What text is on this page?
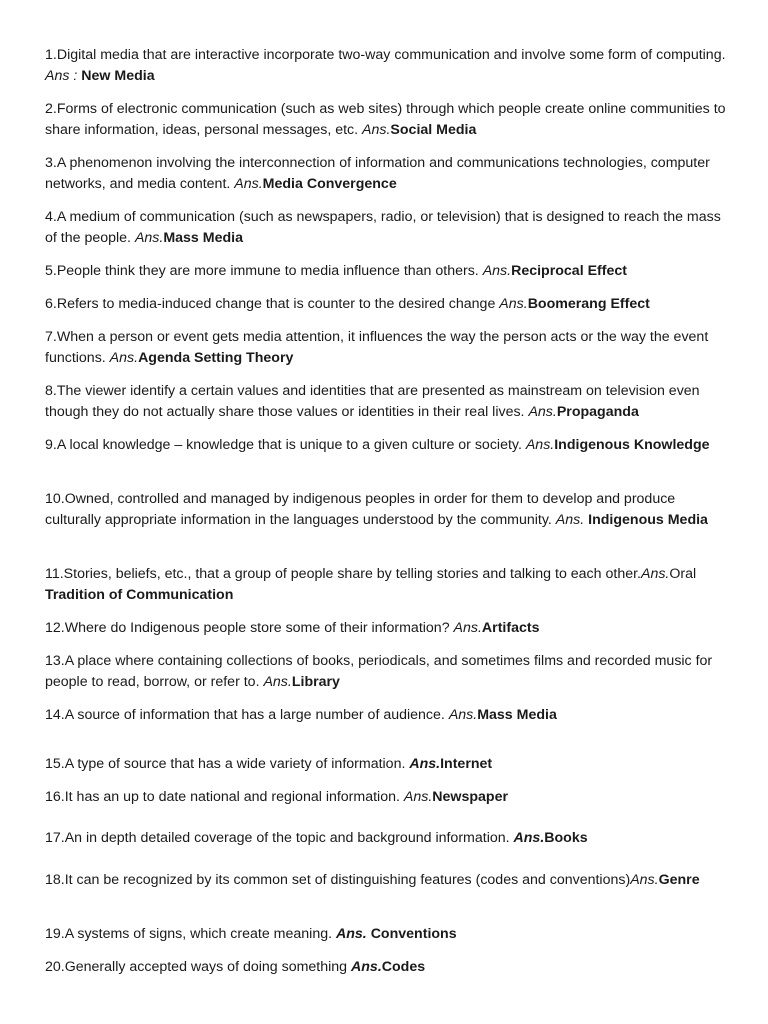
1.Digital media that are interactive incorporate two-way communication and involve some form of computing. Ans : New Media
2.Forms of electronic communication (such as web sites) through which people create online communities to share information, ideas, personal messages, etc. Ans.Social Media
3.A phenomenon involving the interconnection of information and communications technologies, computer networks, and media content. Ans.Media Convergence
4.A medium of communication (such as newspapers, radio, or television) that is designed to reach the mass of the people. Ans.Mass Media
5.People think they are more immune to media influence than others. Ans.Reciprocal Effect
6.Refers to media-induced change that is counter to the desired change Ans.Boomerang Effect
7.When a person or event gets media attention, it influences the way the person acts or the way the event functions. Ans.Agenda Setting Theory
8.The viewer identify a certain values and identities that are presented as mainstream on television even though they do not actually share those values or identities in their real lives. Ans.Propaganda
9.A local knowledge – knowledge that is unique to a given culture or society. Ans.Indigenous Knowledge
10.Owned, controlled and managed by indigenous peoples in order for them to develop and produce culturally appropriate information in the languages understood by the community. Ans. Indigenous Media
11.Stories, beliefs, etc., that a group of people share by telling stories and talking to each other.Ans.Oral Tradition of Communication
12.Where do Indigenous people store some of their information? Ans.Artifacts
13.A place where containing collections of books, periodicals, and sometimes films and recorded music for people to read, borrow, or refer to. Ans.Library
14.A source of information that has a large number of audience. Ans.Mass Media
15.A type of source that has a wide variety of information. Ans.Internet
16.It has an up to date national and regional information. Ans.Newspaper
17.An in depth detailed coverage of the topic and background information. Ans.Books
18.It can be recognized by its common set of distinguishing features (codes and conventions)Ans.Genre
19.A systems of signs, which create meaning. Ans. Conventions
20.Generally accepted ways of doing something Ans.Codes
